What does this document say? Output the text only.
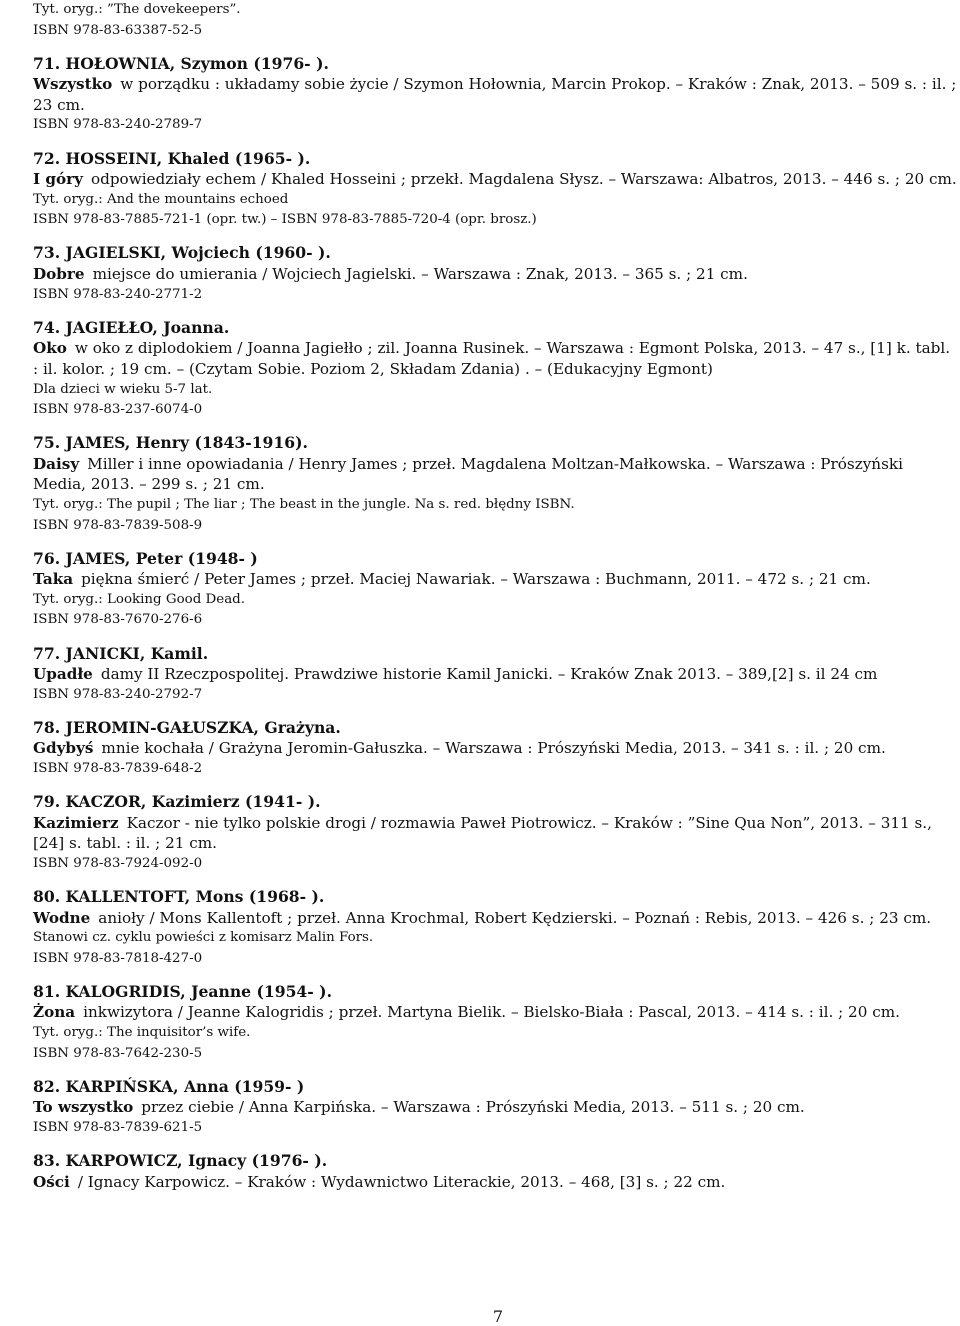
Tyt. oryg.: ”The dovekeepers”.
ISBN 978-83-63387-52-5
71. HOŁOWNIA, Szymon (1976- ).
Wszystko w porządku : układamy sobie życie / Szymon Hołownia, Marcin Prokop. – Kraków : Znak, 2013. – 509 s. : il. ; 23 cm.
ISBN 978-83-240-2789-7
72. HOSSEINI, Khaled (1965- ).
I góry odpowiedziały echem / Khaled Hosseini ; przekł. Magdalena Słysz. – Warszawa: Albatros, 2013. – 446 s. ; 20 cm.
Tyt. oryg.: And the mountains echoed
ISBN 978-83-7885-721-1 (opr. tw.) – ISBN 978-83-7885-720-4 (opr. brosz.)
73. JAGIELSKI, Wojciech (1960- ).
Dobre miejsce do umierania / Wojciech Jagielski. – Warszawa : Znak, 2013. – 365 s. ; 21 cm.
ISBN 978-83-240-2771-2
74. JAGIEŁŁO, Joanna.
Oko w oko z diplodokiem / Joanna Jagiełło ; zil. Joanna Rusinek. – Warszawa : Egmont Polska, 2013. – 47 s., [1] k. tabl. : il. kolor. ; 19 cm. – (Czytam Sobie. Poziom 2, Składam Zdania) . – (Edukacyjny Egmont)
Dla dzieci w wieku 5-7 lat.
ISBN 978-83-237-6074-0
75. JAMES, Henry (1843-1916).
Daisy Miller i inne opowiadania / Henry James ; przeł. Magdalena Moltzan-Małkowska. – Warszawa : Prószyński Media, 2013. – 299 s. ; 21 cm.
Tyt. oryg.: The pupil ; The liar ; The beast in the jungle. Na s. red. błędny ISBN.
ISBN 978-83-7839-508-9
76. JAMES, Peter (1948- )
Taka piękna śmierć / Peter James ; przeł. Maciej Nawariak. – Warszawa : Buchmann, 2011. – 472 s. ; 21 cm.
Tyt. oryg.: Looking Good Dead.
ISBN 978-83-7670-276-6
77. JANICKI, Kamil.
Upadłe damy II Rzeczpospolitej. Prawdziwe historie Kamil Janicki. – Kraków Znak 2013. – 389,[2] s. il 24 cm
ISBN 978-83-240-2792-7
78. JEROMIN-GAŁUSZKA, Grażyna.
Gdybyś mnie kochała / Grażyna Jeromin-Gałuszka. – Warszawa : Prószyński Media, 2013. – 341 s. : il. ; 20 cm.
ISBN 978-83-7839-648-2
79. KACZOR, Kazimierz (1941- ).
Kazimierz Kaczor - nie tylko polskie drogi / rozmawia Paweł Piotrowicz. – Kraków : ”Sine Qua Non”, 2013. – 311 s., [24] s. tabl. : il. ; 21 cm.
ISBN 978-83-7924-092-0
80. KALLENTOFT, Mons (1968- ).
Wodne anioły / Mons Kallentoft ; przeł. Anna Krochmal, Robert Kędzierski. – Poznań : Rebis, 2013. – 426 s. ; 23 cm.
Stanowi cz. cyklu powieści z komisarz Malin Fors.
ISBN 978-83-7818-427-0
81. KALOGRIDIS, Jeanne (1954- ).
Żona inkwizytora / Jeanne Kalogridis ; przeł. Martyna Bielik. – Bielsko-Biała : Pascal, 2013. – 414 s. : il. ; 20 cm.
Tyt. oryg.: The inquisitor’s wife.
ISBN 978-83-7642-230-5
82. KARPIŃSKA, Anna (1959- )
To wszystko przez ciebie / Anna Karpińska. – Warszawa : Prószyński Media, 2013. – 511 s. ; 20 cm.
ISBN 978-83-7839-621-5
83. KARPOWICZ, Ignacy (1976- ).
Ości / Ignacy Karpowicz. – Kraków : Wydawnictwo Literackie, 2013. – 468, [3] s. ; 22 cm.
7
